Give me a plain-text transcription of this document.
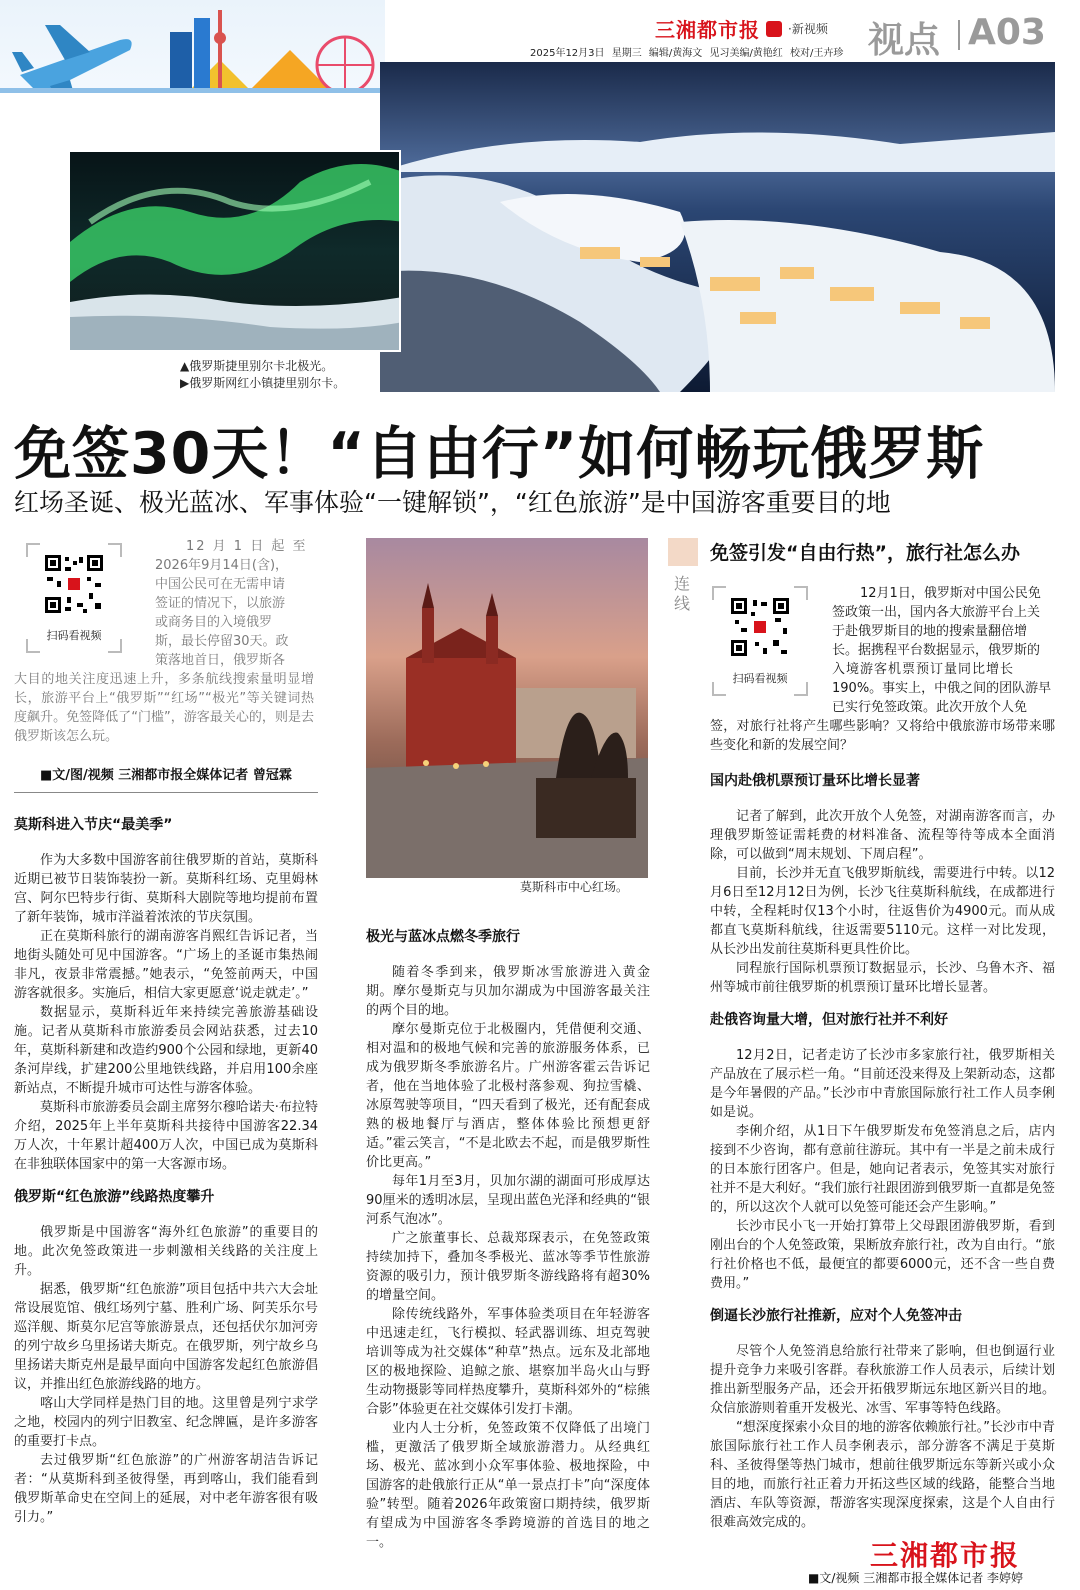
三湘都市报 ·新视频 视点 A03
2025年12月3日 星期三 编辑/黄海文 见习美编/黄艳红 校对/王卉珍
▲俄罗斯捷里别尔卡北极光。
▶俄罗斯网红小镇捷里别尔卡。
免签30天！“自由行”如何畅玩俄罗斯
红场圣诞、极光蓝冰、军事体验“一键解锁”，“红色旅游”是中国游客重要目的地
扫码看视频
12 月 1 日 起 至
2026年9月14日(含)，
中国公民可在无需申请
签证的情况下，以旅游
或商务目的入境俄罗
斯，最长停留30天。政
策落地首日，俄罗斯各
大目的地关注度迅速上升，多条航线搜索量明显增长，旅游平台上“俄罗斯”“红场”“极光”等关键词热度飙升。免签降低了“门槛”，游客最关心的，则是去俄罗斯该怎么玩。
■文/图/视频 三湘都市报全媒体记者 曾冠霖
莫斯科进入节庆“最美季”
作为大多数中国游客前往俄罗斯的首站，莫斯科近期已被节日装饰装扮一新。莫斯科红场、克里姆林宫、阿尔巴特步行街、莫斯科大剧院等地均提前布置了新年装饰，城市洋溢着浓浓的节庆氛围。
正在莫斯科旅行的湖南游客肖熙红告诉记者，当地街头随处可见中国游客。“广场上的圣诞市集热闹非凡，夜景非常震撼。”她表示，“免签前两天，中国游客就很多。实施后，相信大家更愿意‘说走就走’。”
数据显示，莫斯科近年来持续完善旅游基础设施。记者从莫斯科市旅游委员会网站获悉，过去10年，莫斯科新建和改造约900个公园和绿地，更新40条河岸线，扩建200公里地铁线路，并启用100余座新站点，不断提升城市可达性与游客体验。
莫斯科市旅游委员会副主席努尔穆哈诺夫·布拉特介绍，2025年上半年莫斯科共接待中国游客22.34万人次，十年累计超400万人次，中国已成为莫斯科在非独联体国家中的第一大客源市场。
俄罗斯“红色旅游”线路热度攀升
俄罗斯是中国游客“海外红色旅游”的重要目的地。此次免签政策进一步刺激相关线路的关注度上升。
据悉，俄罗斯“红色旅游”项目包括中共六大会址常设展览馆、俄红场列宁墓、胜利广场、阿芙乐尔号巡洋舰、斯莫尔尼宫等旅游景点，还包括伏尔加河旁的列宁故乡乌里扬诺夫斯克。在俄罗斯，列宁故乡乌里扬诺夫斯克州是最早面向中国游客发起红色旅游倡议，并推出红色旅游线路的地方。
喀山大学同样是热门目的地。这里曾是列宁求学之地，校园内的列宁旧教室、纪念牌匾，是许多游客的重要打卡点。
去过俄罗斯“红色旅游”的广州游客胡洁告诉记者：“从莫斯科到圣彼得堡，再到喀山，我们能看到俄罗斯革命史在空间上的延展，对中老年游客很有吸引力。”
莫斯科市中心红场。
极光与蓝冰点燃冬季旅行
随着冬季到来，俄罗斯冰雪旅游进入黄金期。摩尔曼斯克与贝加尔湖成为中国游客最关注的两个目的地。
摩尔曼斯克位于北极圈内，凭借便利交通、相对温和的极地气候和完善的旅游服务体系，已成为俄罗斯冬季旅游名片。广州游客霍云告诉记者，他在当地体验了北极村落参观、狗拉雪橇、冰原驾驶等项目，“四天看到了极光，还有配套成熟的极地餐厅与酒店，整体体验比预想更舒适。”霍云笑言，“不是北欧去不起，而是俄罗斯性价比更高。”
每年1月至3月，贝加尔湖的湖面可形成厚达90厘米的透明冰层，呈现出蓝色光泽和经典的“银河系气泡冰”。
广之旅董事长、总裁郑琛表示，在免签政策持续加持下，叠加冬季极光、蓝冰等季节性旅游资源的吸引力，预计俄罗斯冬游线路将有超30%的增量空间。
除传统线路外，军事体验类项目在年轻游客中迅速走红，飞行模拟、轻武器训练、坦克驾驶培训等成为社交媒体“种草”热点。远东及北部地区的极地探险、追鲸之旅、堪察加半岛火山与野生动物摄影等同样热度攀升，莫斯科郊外的“棕熊合影”体验更在社交媒体引发打卡潮。
业内人士分析，免签政策不仅降低了出境门槛，更激活了俄罗斯全域旅游潜力。从经典红场、极光、蓝冰到小众军事体验、极地探险，中国游客的赴俄旅行正从“单一景点打卡”向“深度体验”转型。随着2026年政策窗口期持续，俄罗斯有望成为中国游客冬季跨境游的首选目的地之一。
连线
免签引发“自由行热”，旅行社怎么办
扫码看视频
12月1日，俄罗斯对中国公民免
签政策一出，国内各大旅游平台上关
于赴俄罗斯目的地的搜索量翻倍增
长。据携程平台数据显示，俄罗斯的
入境游客机票预订量同比增长
190%。事实上，中俄之间的团队游早
已实行免签政策。此次开放个人免
签，对旅行社将产生哪些影响？又将给中俄旅游市场带来哪些变化和新的发展空间？
国内赴俄机票预订量环比增长显著
记者了解到，此次开放个人免签，对湖南游客而言，办理俄罗斯签证需耗费的材料准备、流程等待等成本全面消除，可以做到“周末规划、下周启程”。
目前，长沙并无直飞俄罗斯航线，需要进行中转。以12月6日至12月12日为例，长沙飞往莫斯科航线，在成都进行中转，全程耗时仅13个小时，往返售价为4900元。而从成都直飞莫斯科航线，往返需要5110元。这样一对比发现，从长沙出发前往莫斯科更具性价比。
同程旅行国际机票预订数据显示，长沙、乌鲁木齐、福州等城市前往俄罗斯的机票预订量环比增长显著。
赴俄咨询量大增，但对旅行社并不利好
12月2日，记者走访了长沙市多家旅行社，俄罗斯相关产品放在了展示栏一角。“目前还没来得及上架新动态，这都是今年暑假的产品。”长沙市中青旅国际旅行社工作人员李俐如是说。
李俐介绍，从1日下午俄罗斯发布免签消息之后，店内接到不少咨询，都有意前往游玩。其中有一半是之前未成行的日本旅行团客户。但是，她向记者表示，免签其实对旅行社并不是大利好。“我们旅行社跟团游到俄罗斯一直都是免签的，所以这次个人就可以免签可能还会产生影响。”
长沙市民小飞一开始打算带上父母跟团游俄罗斯，看到刚出台的个人免签政策，果断放弃旅行社，改为自由行。“旅行社价格也不低，最便宜的都要6000元，还不含一些自费费用。”
倒逼长沙旅行社推新，应对个人免签冲击
尽管个人免签消息给旅行社带来了影响，但也倒逼行业提升竞争力来吸引客群。春秋旅游工作人员表示，后续计划推出新型服务产品，还会开拓俄罗斯远东地区新兴目的地。众信旅游则着重开发极光、冰雪、军事等特色线路。
“想深度探索小众目的地的游客依赖旅行社。”长沙市中青旅国际旅行社工作人员李俐表示，部分游客不满足于莫斯科、圣彼得堡等热门城市，想前往俄罗斯远东等新兴或小众目的地，而旅行社正着力开拓这些区域的线路，能整合当地酒店、车队等资源，帮游客实现深度探索，这是个人自由行很难高效完成的。
三湘都市报
■文/视频 三湘都市报全媒体记者 李婷婷
